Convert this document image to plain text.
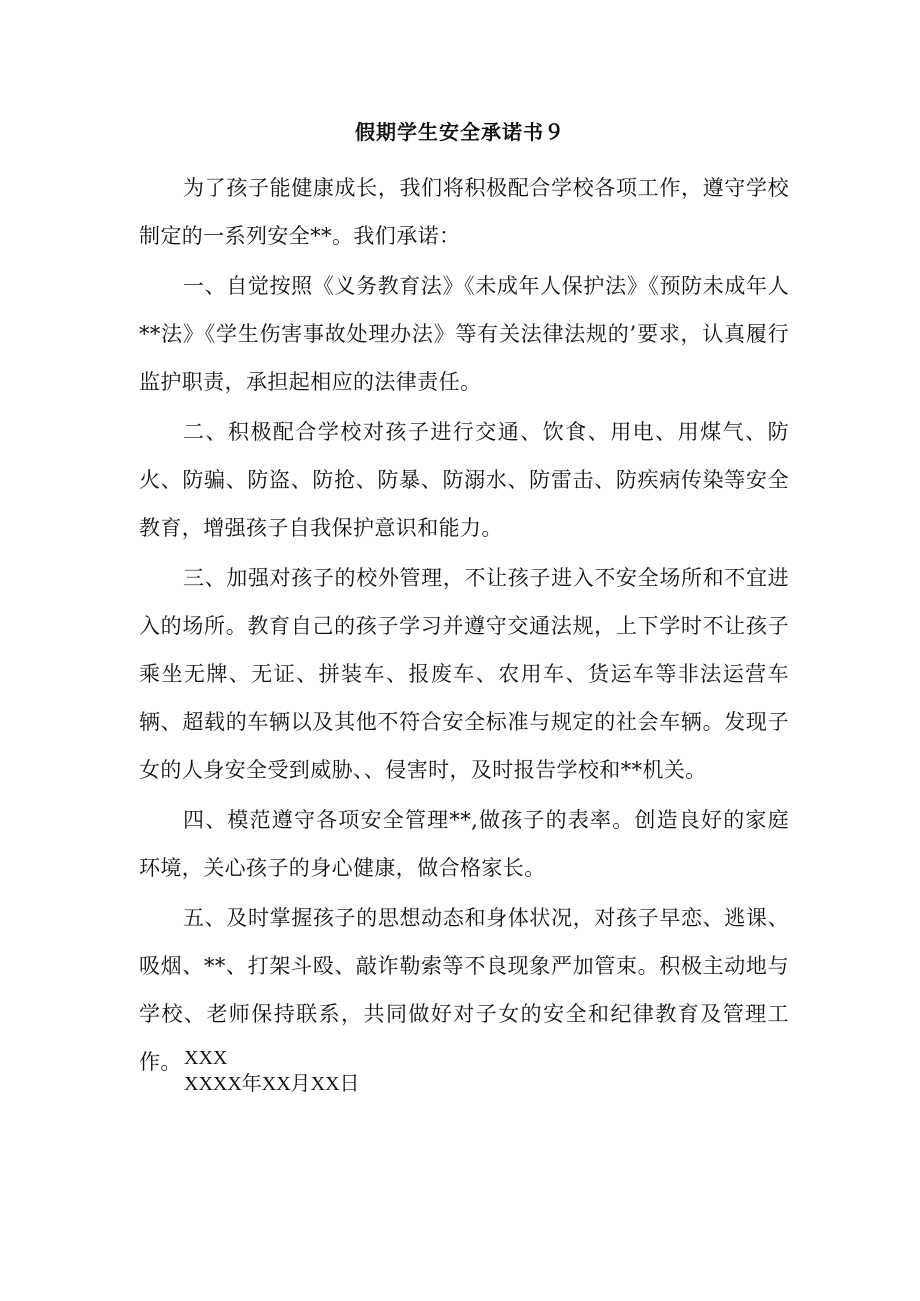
假期学生安全承诺书９

为了孩子能健康成长，我们将积极配合学校各项工作，遵守学校制定的一系列安全**。我们承诺：

一、自觉按照《义务教育法》《未成年人保护法》《预防未成年人**法》《学生伤害事故处理办法》等有关法律法规的’要求，认真履行监护职责，承担起相应的法律责任。

二、积极配合学校对孩子进行交通、饮食、用电、用煤气、防火、防骗、防盗、防抢、防暴、防溺水、防雷击、防疾病传染等安全教育，增强孩子自我保护意识和能力。

三、加强对孩子的校外管理，不让孩子进入不安全场所和不宜进入的场所。教育自己的孩子学习并遵守交通法规，上下学时不让孩子乘坐无牌、无证、拼装车、报废车、农用车、货运车等非法运营车辆、超载的车辆以及其他不符合安全标准与规定的社会车辆。发现子女的人身安全受到威胁、、侵害时，及时报告学校和**机关。

四、模范遵守各项安全管理**,做孩子的表率。创造良好的家庭环境，关心孩子的身心健康，做合格家长。

五、及时掌握孩子的思想动态和身体状况，对孩子早恋、逃课、吸烟、**、打架斗殴、敲诈勒索等不良现象严加管束。积极主动地与学校、老师保持联系，共同做好对子女的安全和纪律教育及管理工作。 XXX
XXXX年XX月XX日
